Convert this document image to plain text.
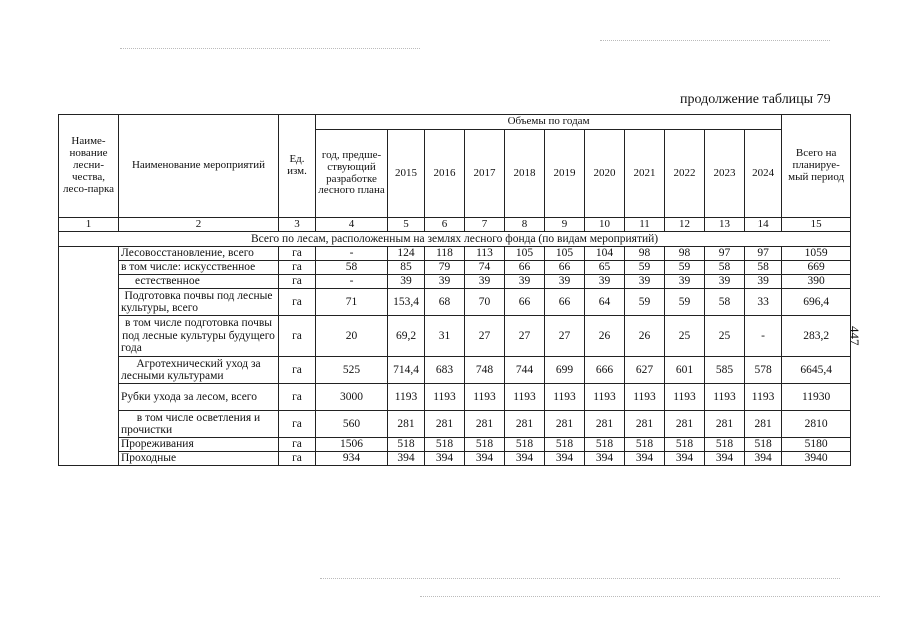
продолжение таблицы 79
447
Наиме-нование лесни-чества, лесо-парка	Наименование мероприятий	Ед. изм.	Объемы по годам											Всего на планируе-мый период
			год, предше-ствующий разработке лесного плана	2015	2016	2017	2018	2019	2020	2021	2022	2023	2024	
1	2	3	4	5	6	7	8	9	10	11	12	13	14	15
Всего по лесам, расположенным на землях лесного фонда (по видам мероприятий)														
	Лесовосстановление, всего	га	-	124	118	113	105	105	104	98	98	97	97	1059
	в том числе: искусственное	га	58	85	79	74	66	66	65	59	59	58	58	669
	естественное	га	-	39	39	39	39	39	39	39	39	39	39	390
	Подготовка почвы под лесные культуры, всего	га	71	153,4	68	70	66	66	64	59	59	58	33	696,4
	в том числе подготовка почвы под лесные культуры будущего года	га	20	69,2	31	27	27	27	26	26	25	25	-	283,2
	Агротехнический уход за лесными культурами	га	525	714,4	683	748	744	699	666	627	601	585	578	6645,4
	Рубки ухода за лесом, всего	га	3000	1193	1193	1193	1193	1193	1193	1193	1193	1193	1193	11930
	в том числе осветления и прочистки	га	560	281	281	281	281	281	281	281	281	281	281	2810
	Прореживания	га	1506	518	518	518	518	518	518	518	518	518	518	5180
	Проходные	га	934	394	394	394	394	394	394	394	394	394	394	3940
